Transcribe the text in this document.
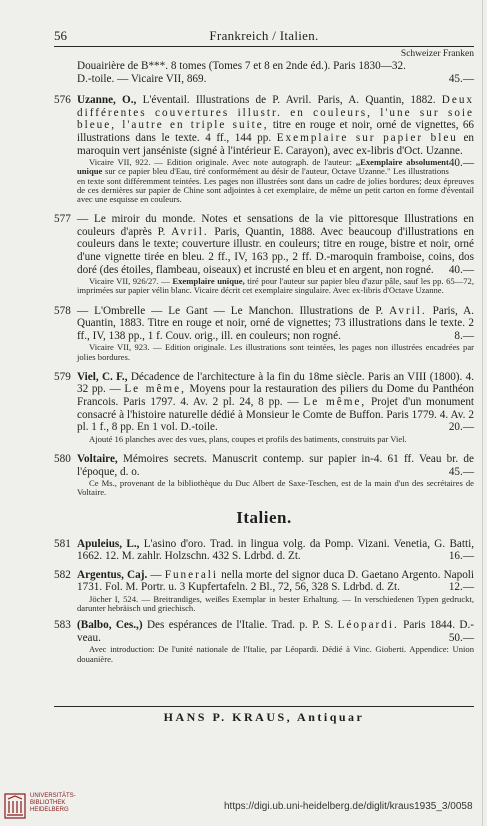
56	Frankreich / Italien.

Schweizer Franken

Douairière de B***. 8 tomes (Tomes 7 et 8 en 2nde éd.). Paris 1830—32.
45.—
D.-toile. — Vicaire VII, 869.
576 Uzanne, O., L'éventail. Illustrations de P. Avril. Paris, A. Quantin, 1882. Deux différentes couvertures illustr. en couleurs, l'une sur soie bleue, l'autre en triple suite, titre en rouge et noir, orné de vignettes, 66 illustrations dans le texte. 4 ff., 144 pp. Exemplaire sur papier bleu en maroquin vert janséniste (signé à l'intérieur E. Carayon), avec ex-libris d'Oct. Uzanne.
40.—

Vicaire VII, 922. — Edition originale. Avec note autograph. de l'auteur: ,,Exemplaire absolument unique sur ce papier bleu d'Eau, tiré conformément au désir de l'auteur, Octave Uzanne." Les illustrations en texte sont différemment teintées. Les pages non illustrées sont dans un cadre de jolies bordures; deux épreuves de ces dernières sur papier de Chine sont adjointes à cet exemplaire, de même un petit carton en forme d'éventail avec une esquisse en couleurs.

577 — Le miroir du monde. Notes et sensations de la vie pittoresque Illustrations en couleurs d'après P. Avril. Paris, Quantin, 1888. Avec beaucoup d'illustrations en couleurs dans le texte; couverture illustr. en couleurs; titre en rouge, bistre et noir, orné d'une vignette tirée en bleu. 2 ff., IV, 163 pp., 2 ff. D.-maroquin framboise, coins, dos doré (des étoiles, flambeau, oiseaux) et incrusté en bleu et en argent, non rogné. 40.—

Vicaire VII, 926/27. — Exemplaire unique, tiré pour l'auteur sur papier bleu d'azur pâle, sauf les pp. 65—72, imprimées sur papier vélin blanc. Vicaire décrit cet exemplaire singulaire. Avec ex-libris d'Octave Uzanne.

578 — L'Ombrelle — Le Gant — Le Manchon. Illustrations de P. Avril. Paris, A. Quantin, 1883. Titre en rouge et noir, orné de vignettes; 73 illustrations dans le texte. 2 ff., IV, 138 pp., 1 f. Couv. orig., ill. en couleurs; non rogné.	8.—

Vicaire VII, 923. — Edition originale. Les illustrations sont teintées, les pages non illustrées encadrées par jolies bordures.

579 Viel, C. F., Décadence de l'architecture à la fin du 18me siècle. Paris an VIII (1800). 4. 32 pp. — Le même, Moyens pour la restauration des piliers du Dome du Panthéon Francois. Paris 1797. 4. Av. 2 pl. 24, 8 pp. — Le même, Projet d'un monument consacré à l'histoire naturelle dédié à Monsieur le Comte de Buffon. Paris 1779. 4. Av. 2 pl. 1 f., 8 pp. En 1 vol. D.-toile.	20.—

Ajouté 16 planches avec des vues, plans, coupes et profils des batiments, construits par Viel.

580 Voltaire, Mémoires secrets. Manuscrit contemp. sur papier in-4. 61 ff. Veau br. de l'époque, d. o.	45.—

Ce Ms., provenant de la bibliothèque du Duc Albert de Saxe-Teschen, est de la main d'un des secrétaires de Voltaire.

Italien.
581 Apuleius, L., L'asino d'oro. Trad. in lingua volg. da Pomp. Vizani. Venetia, G. Batti, 1662. 12. M. zahlr. Holzschn. 432 S. Ldrbd. d. Zt.	16.—
582 Argentus, Caj. — Funerali nella morte del signor duca D. Gaetano Argento. Napoli 1731. Fol. M. Portr. u. 3 Kupfertafeln. 2 Bl., 72, 56, 328 S. Ldrbd. d. Zt.	12.—

Jöcher I, 524. — Breitrandiges, weißes Exemplar in bester Erhaltung. — In verschiedenen Typen gedruckt, darunter hebräisch und griechisch.

583 (Balbo, Ces.,) Des espérances de l'Italie. Trad. p. P. S. Léopardi. Paris 1844. D.-veau.	50.—

Avec introduction: De l'unité nationale de l'Italie, par Léopardi. Dédié à Vinc. Gioberti. Appendice: Union douanière.

HANS P. KRAUS, Antiquar
UNIVERSITÄTS- BIBLIOTHEK HEIDELBERG	https://digi.ub.uni-heidelberg.de/diglit/kraus1935_3/0058
